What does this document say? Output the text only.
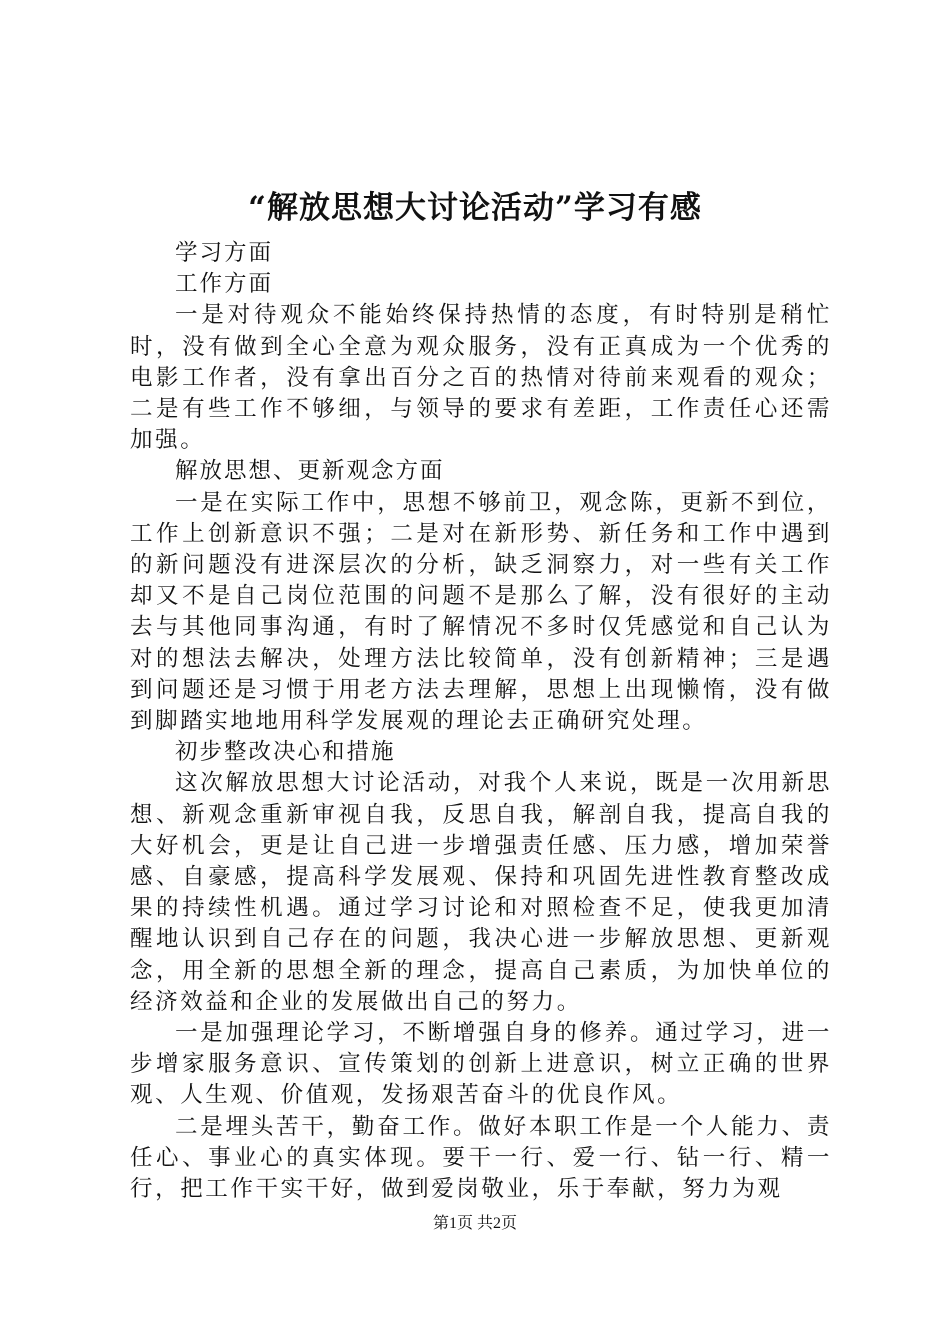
“解放思想大讨论活动”学习有感

学习方面

工作方面

一是对待观众不能始终保持热情的态度，有时特别是稍忙时，没有做到全心全意为观众服务，没有正真成为一个优秀的电影工作者，没有拿出百分之百的热情对待前来观看的观众；二是有些工作不够细，与领导的要求有差距，工作责任心还需加强。

解放思想、更新观念方面

一是在实际工作中，思想不够前卫，观念陈，更新不到位，工作上创新意识不强；二是对在新形势、新任务和工作中遇到的新问题没有进深层次的分析，缺乏洞察力，对一些有关工作却又不是自己岗位范围的问题不是那么了解，没有很好的主动去与其他同事沟通，有时了解情况不多时仅凭感觉和自己认为对的想法去解决，处理方法比较简单，没有创新精神；三是遇到问题还是习惯于用老方法去理解，思想上出现懒惰，没有做到脚踏实地地用科学发展观的理论去正确研究处理。

初步整改决心和措施

这次解放思想大讨论活动，对我个人来说，既是一次用新思想、新观念重新审视自我，反思自我，解剖自我，提高自我的大好机会，更是让自己进一步增强责任感、压力感，增加荣誉感、自豪感，提高科学发展观、保持和巩固先进性教育整改成果的持续性机遇。通过学习讨论和对照检查不足，使我更加清醒地认识到自己存在的问题，我决心进一步解放思想、更新观念，用全新的思想全新的理念，提高自己素质，为加快单位的经济效益和企业的发展做出自己的努力。

一是加强理论学习，不断增强自身的修养。通过学习，进一步增家服务意识、宣传策划的创新上进意识，树立正确的世界观、人生观、价值观，发扬艰苦奋斗的优良作风。

二是埋头苦干，勤奋工作。做好本职工作是一个人能力、责任心、事业心的真实体现。要干一行、爱一行、钻一行、精一行，把工作干实干好，做到爱岗敬业，乐于奉献，努力为观

第1页 共2页
